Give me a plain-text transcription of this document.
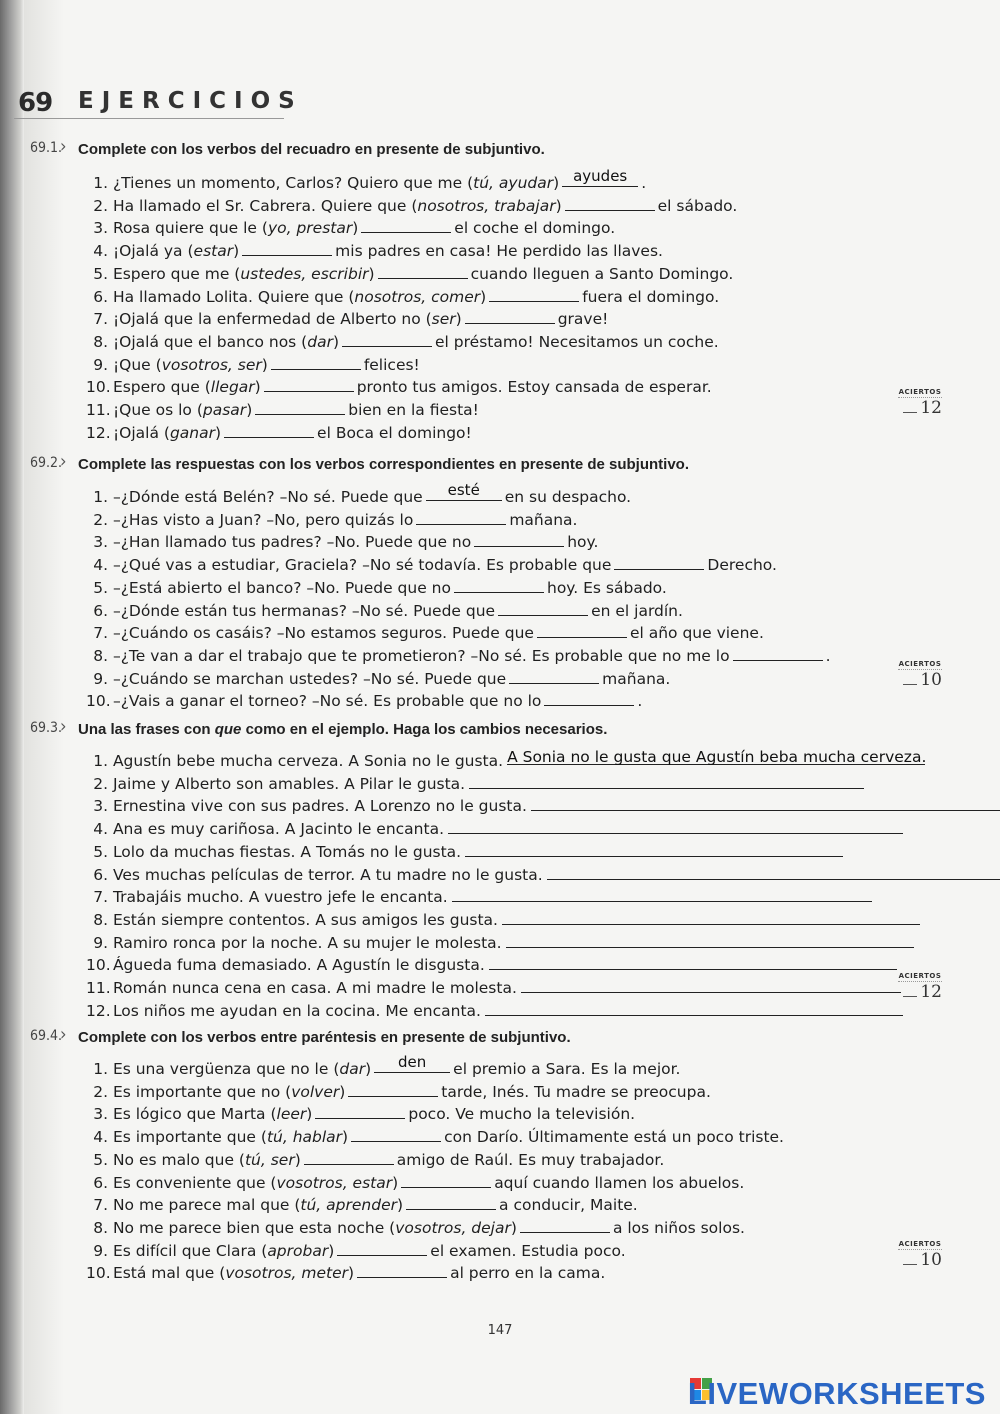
69	EJERCICIOS
69.1.
› Complete con los verbos del recuadro en presente de subjuntivo.
1. ¿Tienes un momento, Carlos? Quiero que me (tú, ayudar) ayudes .
2. Ha llamado el Sr. Cabrera. Quiere que (nosotros, trabajar)	el sábado.
3. Rosa quiere que le (yo, prestar)	el coche el domingo.
4. ¡Ojalá ya (estar)	mis padres en casa! He perdido las llaves.
5. Espero que me (ustedes, escribir)	cuando lleguen a Santo Domingo.
6. Ha llamado Lolita. Quiere que (nosotros, comer)	fuera el domingo.
7. ¡Ojalá que la enfermedad de Alberto no (ser)	grave!
8. ¡Ojalá que el banco nos (dar)	el préstamo! Necesitamos un coche.
9. ¡Que (vosotros, ser)	felices!
10. Espero que (llegar)	pronto tus amigos. Estoy cansada de esperar.
11. ¡Que os lo (pasar)	bien en la fiesta!
12. ¡Ojalá (ganar)	el Boca el domingo!
ACIERTOS
12
69.2.
› Complete las respuestas con los verbos correspondientes en presente de subjuntivo.
1. –¿Dónde está Belén? –No sé. Puede que esté en su despacho.
2. –¿Has visto a Juan? –No, pero quizás lo	mañana.
3. –¿Han llamado tus padres? –No. Puede que no	hoy.
4. –¿Qué vas a estudiar, Graciela? –No sé todavía. Es probable que	Derecho.
5. –¿Está abierto el banco? –No. Puede que no	hoy. Es sábado.
6. –¿Dónde están tus hermanas? –No sé. Puede que	en el jardín.
7. –¿Cuándo os casáis? –No estamos seguros. Puede que	el año que viene.
8. –¿Te van a dar el trabajo que te prometieron? –No sé. Es probable que no me lo	.
9. –¿Cuándo se marchan ustedes? –No sé. Puede que	mañana.
10. –¿Vais a ganar el torneo? –No sé. Es probable que no lo	.
ACIERTOS
10
69.3.
› Una las frases con que como en el ejemplo. Haga los cambios necesarios.
1. Agustín bebe mucha cerveza. A Sonia no le gusta. A Sonia no le gusta que Agustín beba mucha cerveza.
2. Jaime y Alberto son amables. A Pilar le gusta.
3. Ernestina vive con sus padres. A Lorenzo no le gusta.
4. Ana es muy cariñosa. A Jacinto le encanta.
5. Lolo da muchas fiestas. A Tomás no le gusta.
6. Ves muchas películas de terror. A tu madre no le gusta.
7. Trabajáis mucho. A vuestro jefe le encanta.
8. Están siempre contentos. A sus amigos les gusta.
9. Ramiro ronca por la noche. A su mujer le molesta.
10. Águeda fuma demasiado. A Agustín le disgusta.
11. Román nunca cena en casa. A mi madre le molesta.
12. Los niños me ayudan en la cocina. Me encanta.
ACIERTOS
12
69.4.
› Complete con los verbos entre paréntesis en presente de subjuntivo.
1. Es una vergüenza que no le (dar) den el premio a Sara. Es la mejor.
2. Es importante que no (volver)	tarde, Inés. Tu madre se preocupa.
3. Es lógico que Marta (leer)	poco. Ve mucho la televisión.
4. Es importante que (tú, hablar)	con Darío. Últimamente está un poco triste.
5. No es malo que (tú, ser)	amigo de Raúl. Es muy trabajador.
6. Es conveniente que (vosotros, estar)	aquí cuando llamen los abuelos.
7. No me parece mal que (tú, aprender)	a conducir, Maite.
8. No me parece bien que esta noche (vosotros, dejar)	a los niños solos.
9. Es difícil que Clara (aprobar)	el examen. Estudia poco.
10. Está mal que (vosotros, meter)	al perro en la cama.
ACIERTOS
10
147
LIVEWORKSHEETS
